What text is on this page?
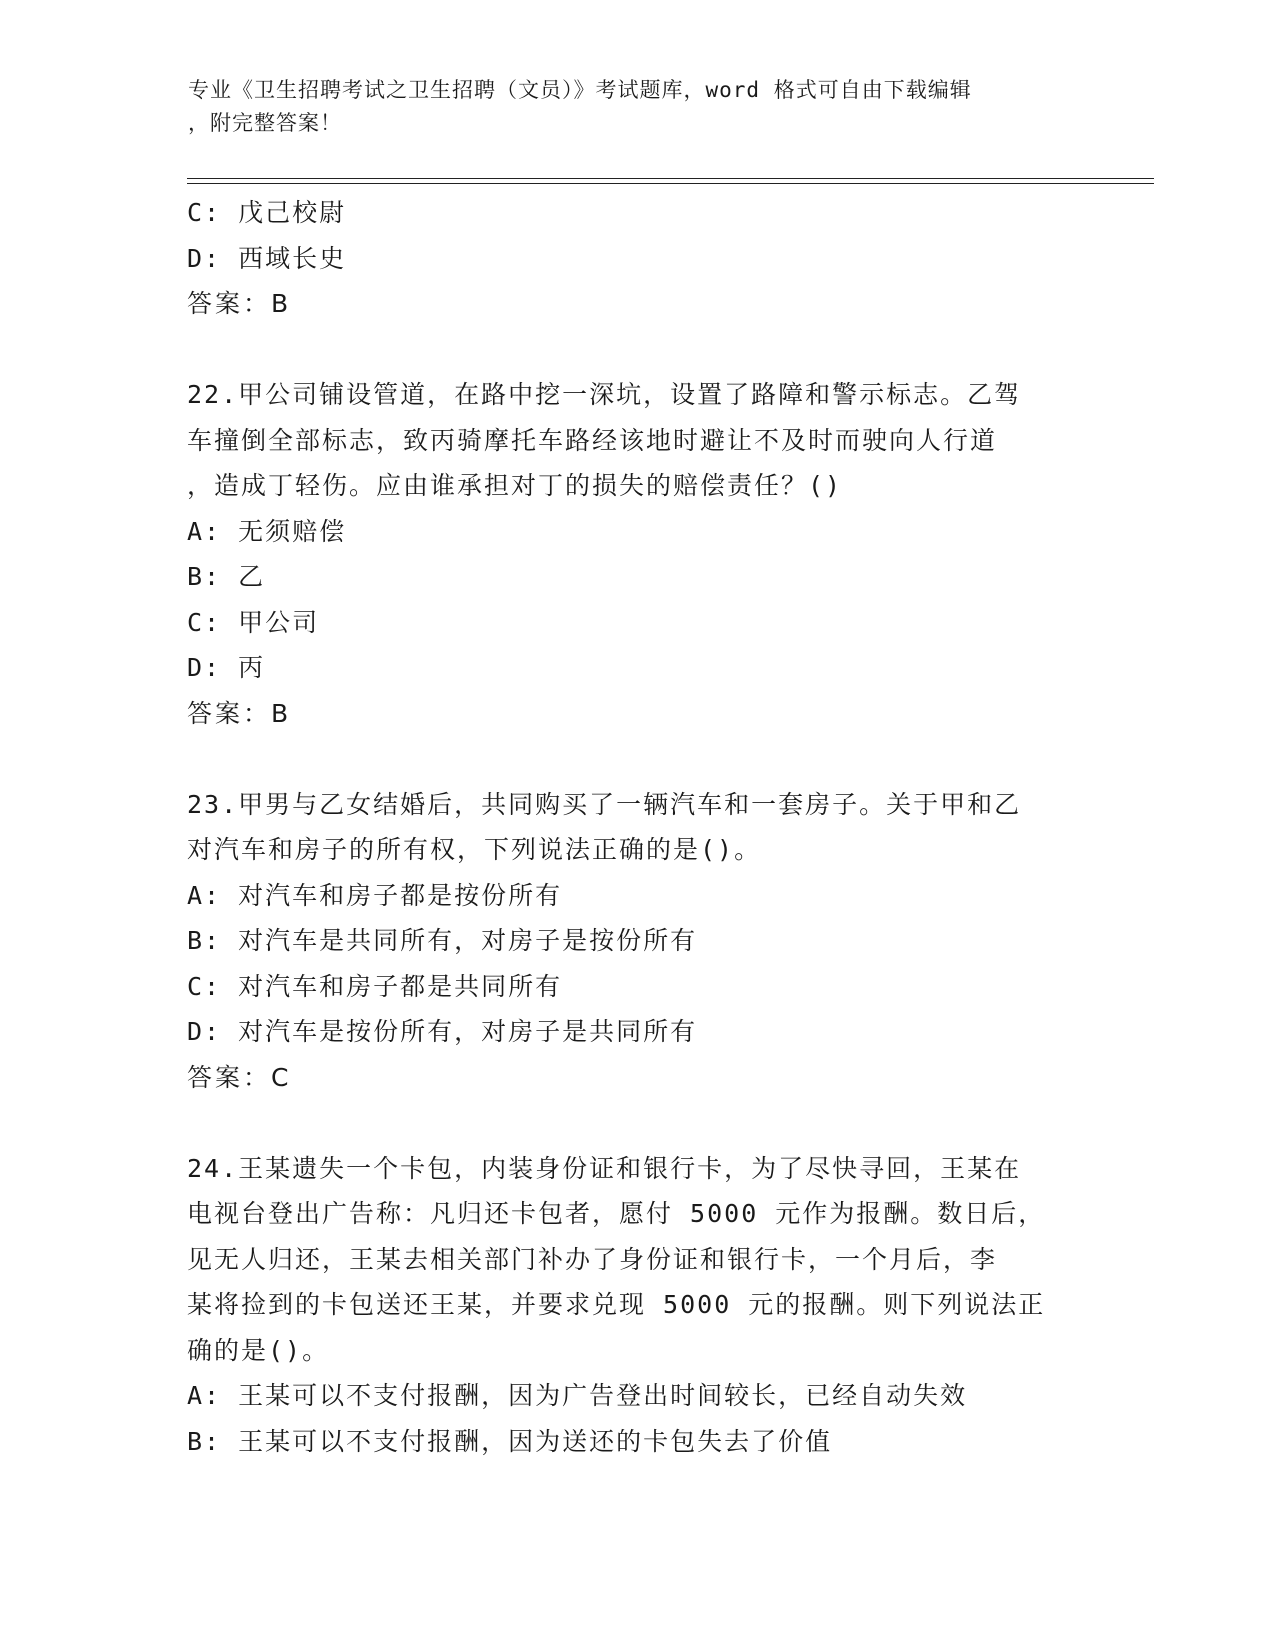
专业《卫生招聘考试之卫生招聘（文员）》考试题库，word 格式可自由下载编辑
，附完整答案！
C: 戊己校尉
D: 西域长史
答案：B
22.甲公司铺设管道，在路中挖一深坑，设置了路障和警示标志。乙驾
车撞倒全部标志，致丙骑摩托车路经该地时避让不及时而驶向人行道
，造成丁轻伤。应由谁承担对丁的损失的赔偿责任？()
A: 无须赔偿
B: 乙
C: 甲公司
D: 丙
答案：B
23.甲男与乙女结婚后，共同购买了一辆汽车和一套房子。关于甲和乙
对汽车和房子的所有权，下列说法正确的是()。
A: 对汽车和房子都是按份所有
B: 对汽车是共同所有，对房子是按份所有
C: 对汽车和房子都是共同所有
D: 对汽车是按份所有，对房子是共同所有
答案：C
24.王某遗失一个卡包，内装身份证和银行卡，为了尽快寻回，王某在
电视台登出广告称：凡归还卡包者，愿付 5000 元作为报酬。数日后，
见无人归还，王某去相关部门补办了身份证和银行卡，一个月后，李
某将捡到的卡包送还王某，并要求兑现 5000 元的报酬。则下列说法正
确的是()。
A: 王某可以不支付报酬，因为广告登出时间较长，已经自动失效
B: 王某可以不支付报酬，因为送还的卡包失去了价值
